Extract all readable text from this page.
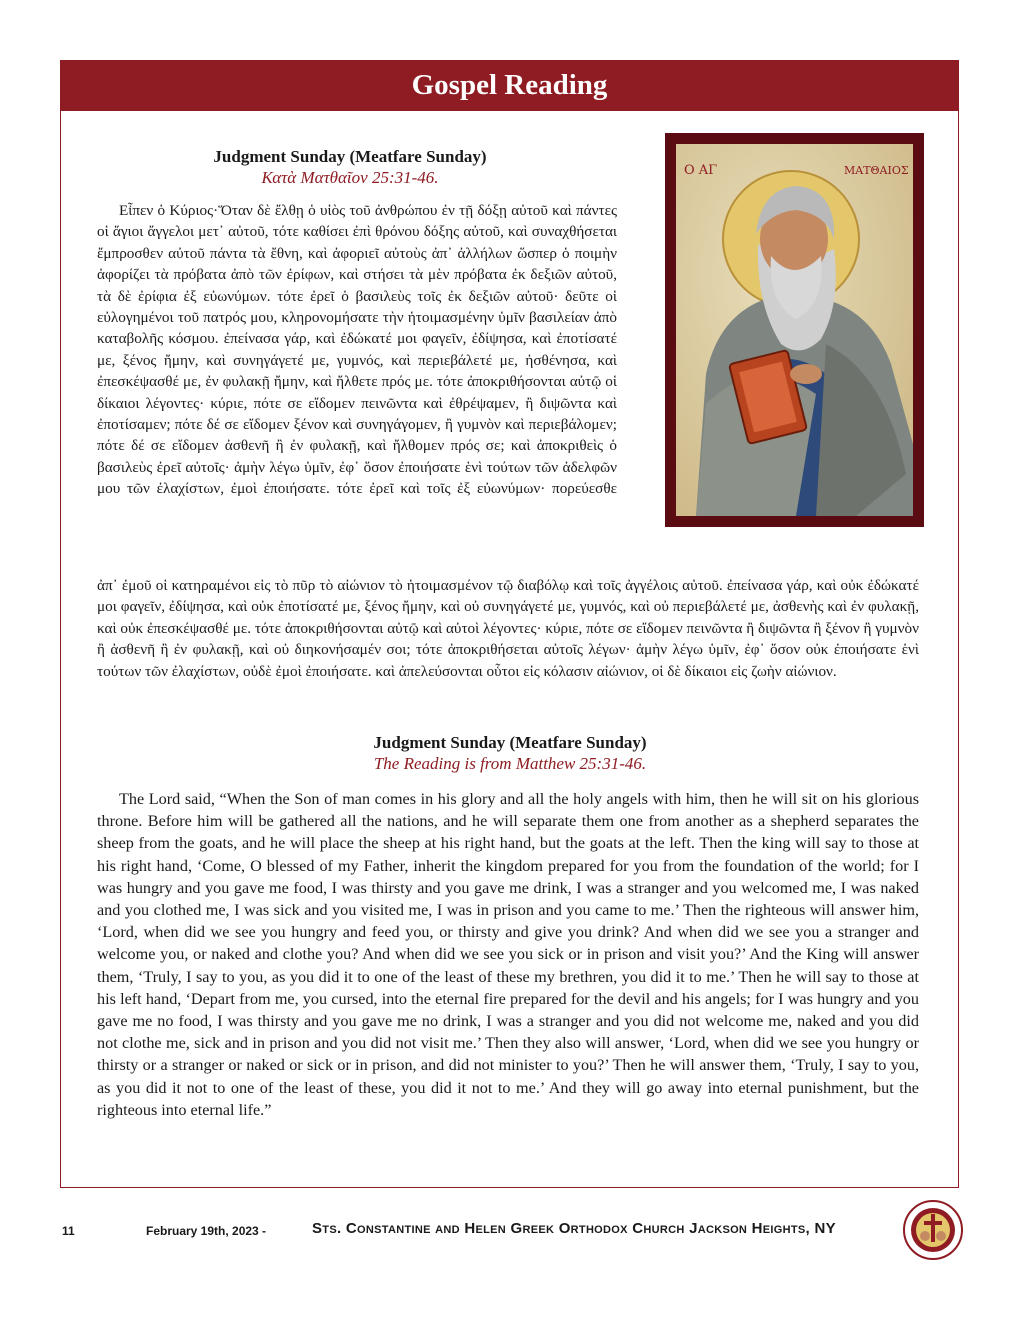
Gospel Reading
Ο ΑΓ	ΜΑΤΘΑΙΟΣ
Judgment Sunday (Meatfare Sunday)
Κατὰ Ματθαῖον 25:31-46.
Εἶπεν ὁ Κύριος·Ὅταν δὲ ἔλθῃ ὁ υἱὸς τοῦ ἀνθρώπου ἐν τῇ δόξῃ αὐτοῦ καὶ πάντες οἱ ἅγιοι ἄγγελοι μετ᾽ αὐτοῦ, τότε καθίσει ἐπὶ θρόνου δόξης αὐτοῦ, καὶ συναχθήσεται ἔμπροσθεν αὐτοῦ πάντα τὰ ἔθνη, καὶ ἀφοριεῖ αὐτοὺς ἀπ᾽ ἀλλήλων ὥσπερ ὁ ποιμὴν ἀφορίζει τὰ πρόβατα ἀπὸ τῶν ἐρίφων, καὶ στήσει τὰ μὲν πρόβατα ἐκ δεξιῶν αὐτοῦ, τὰ δὲ ἐρίφια ἐξ εὐωνύμων. τότε ἐρεῖ ὁ βασιλεὺς τοῖς ἐκ δεξιῶν αὐτοῦ· δεῦτε οἱ εὐλογημένοι τοῦ πατρός μου, κληρονομήσατε τὴν ἡτοιμασμένην ὑμῖν βασιλείαν ἀπὸ καταβολῆς κόσμου. ἐπείνασα γάρ, καὶ ἐδώκατέ μοι φαγεῖν, ἐδίψησα, καὶ ἐποτίσατέ με, ξένος ἤμην, καὶ συνηγάγετέ με, γυμνός, καὶ περιεβάλετέ με, ἠσθένησα, καὶ ἐπεσκέψασθέ με, ἐν φυλακῇ ἤμην, καὶ ἤλθετε πρός με. τότε ἀποκριθήσονται αὐτῷ οἱ δίκαιοι λέγοντες· κύριε, πότε σε εἴδομεν πεινῶντα καὶ ἐθρέψαμεν, ἢ διψῶντα καὶ ἐποτίσαμεν; πότε δέ σε εἴδομεν ξένον καὶ συνηγάγομεν, ἢ γυμνὸν καὶ περιεβάλομεν; πότε δέ σε εἴδομεν ἀσθενῆ ἢ ἐν φυλακῇ, καὶ ἤλθομεν πρός σε; καὶ ἀποκριθεὶς ὁ βασιλεὺς ἐρεῖ αὐτοῖς· ἀμὴν λέγω ὑμῖν, ἐφ᾽ ὅσον ἐποιήσατε ἑνὶ τούτων τῶν ἀδελφῶν μου τῶν ἐλαχίστων, ἐμοὶ ἐποιήσατε. τότε ἐρεῖ καὶ τοῖς ἐξ εὐωνύμων· πορεύεσθε
ἀπ᾽ ἐμοῦ οἱ κατηραμένοι εἰς τὸ πῦρ τὸ αἰώνιον τὸ ἡτοιμασμένον τῷ διαβόλῳ καὶ τοῖς ἀγγέλοις αὐτοῦ. ἐπείνασα γάρ, καὶ οὐκ ἐδώκατέ μοι φαγεῖν, ἐδίψησα, καὶ οὐκ ἐποτίσατέ με, ξένος ἤμην, καὶ οὐ συνηγάγετέ με, γυμνός, καὶ οὐ περιεβάλετέ με, ἀσθενὴς καὶ ἐν φυλακῇ, καὶ οὐκ ἐπεσκέψασθέ με. τότε ἀποκριθήσονται αὐτῷ καὶ αὐτοὶ λέγοντες· κύριε, πότε σε εἴδομεν πεινῶντα ἢ διψῶντα ἢ ξένον ἢ γυμνὸν ἢ ἀσθενῆ ἢ ἐν φυλακῇ, καὶ οὐ διηκονήσαμέν σοι; τότε ἀποκριθήσεται αὐτοῖς λέγων· ἀμὴν λέγω ὑμῖν, ἐφ᾽ ὅσον οὐκ ἐποιήσατε ἑνὶ τούτων τῶν ἐλαχίστων, οὐδὲ ἐμοὶ ἐποιήσατε. καὶ ἀπελεύσονται οὗτοι εἰς κόλασιν αἰώνιον, οἱ δὲ δίκαιοι εἰς ζωὴν αἰώνιον.
Judgment Sunday (Meatfare Sunday)
The Reading is from Matthew 25:31-46.
The Lord said, “When the Son of man comes in his glory and all the holy angels with him, then he will sit on his glorious throne. Before him will be gathered all the nations, and he will separate them one from another as a shepherd separates the sheep from the goats, and he will place the sheep at his right hand, but the goats at the left. Then the king will say to those at his right hand, ‘Come, O blessed of my Father, inherit the kingdom prepared for you from the foundation of the world; for I was hungry and you gave me food, I was thirsty and you gave me drink, I was a stranger and you welcomed me, I was naked and you clothed me, I was sick and you visited me, I was in prison and you came to me.’ Then the righteous will answer him, ‘Lord, when did we see you hungry and feed you, or thirsty and give you drink? And when did we see you a stranger and welcome you, or naked and clothe you? And when did we see you sick or in prison and visit you?’ And the King will answer them, ‘Truly, I say to you, as you did it to one of the least of these my brethren, you did it to me.’ Then he will say to those at his left hand, ‘Depart from me, you cursed, into the eternal fire prepared for the devil and his angels; for I was hungry and you gave me no food, I was thirsty and you gave me no drink, I was a stranger and you did not welcome me, naked and you did not clothe me, sick and in prison and you did not visit me.’ Then they also will answer, ‘Lord, when did we see you hungry or thirsty or a stranger or naked or sick or in prison, and did not minister to you?’ Then he will answer them, ‘Truly, I say to you, as you did it not to one of the least of these, you did it not to me.’ And they will go away into eternal punishment, but the righteous into eternal life.”
11	February 19th, 2023 -	Sts. Constantine and Helen Greek Orthodox Church Jackson Heights, NY
